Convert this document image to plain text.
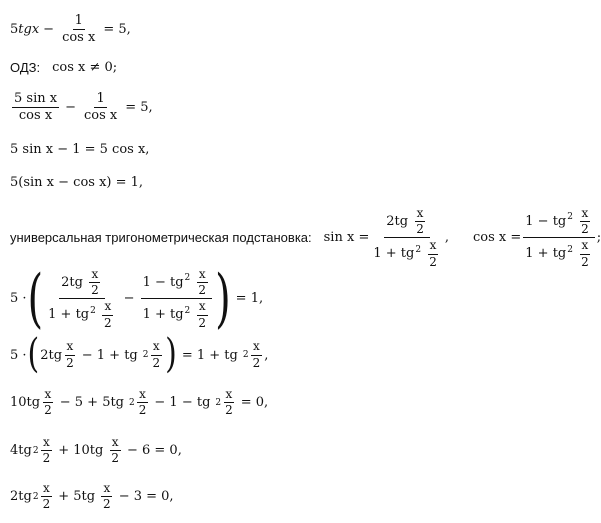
5 tgx − $\frac{1}{\text{cos x}} = 5$,
ОДЗ: cos x ≠ 0;
$\frac{\text{5 sin x}}{\text{cos x}} - \frac{1}{\text{cos x}} = 5$,
5 sin x − 1 = 5 cos x,
5(sin x − cos x) = 1,
универсальная тригонометрическая подстановка: $\sin x = \frac{2tg \frac{x}{2}}{1 + tg^2 \frac{x}{2}}$ , $\cos x = \frac{1 - tg^2 \frac{x}{2}}{1 + tg^2 \frac{x}{2}}$ ;
5 · ( $\frac{2tg \frac{x}{2}}{1 + tg^2 \frac{x}{2}} - \frac{1 - tg^2 \frac{x}{2}}{1 + tg^2 \frac{x}{2}}$ ) = 1,
5 · ( $2tg \frac{x}{2} - 1$ + tg $2 \frac{x}{2}$ ) = 1 + tg $2 \frac{x}{2}$ ,
$10tg \frac{x}{2} - 5 + 5tg$ $2 \frac{x}{2} - 1$ − tg $2 \frac{x}{2} = 0$,
4tg $2 \frac{x}{2} + 10tg \frac{x}{2} - 6 = 0$,
2tg $2 \frac{x}{2} + 5tg \frac{x}{2} - 3 = 0$,
